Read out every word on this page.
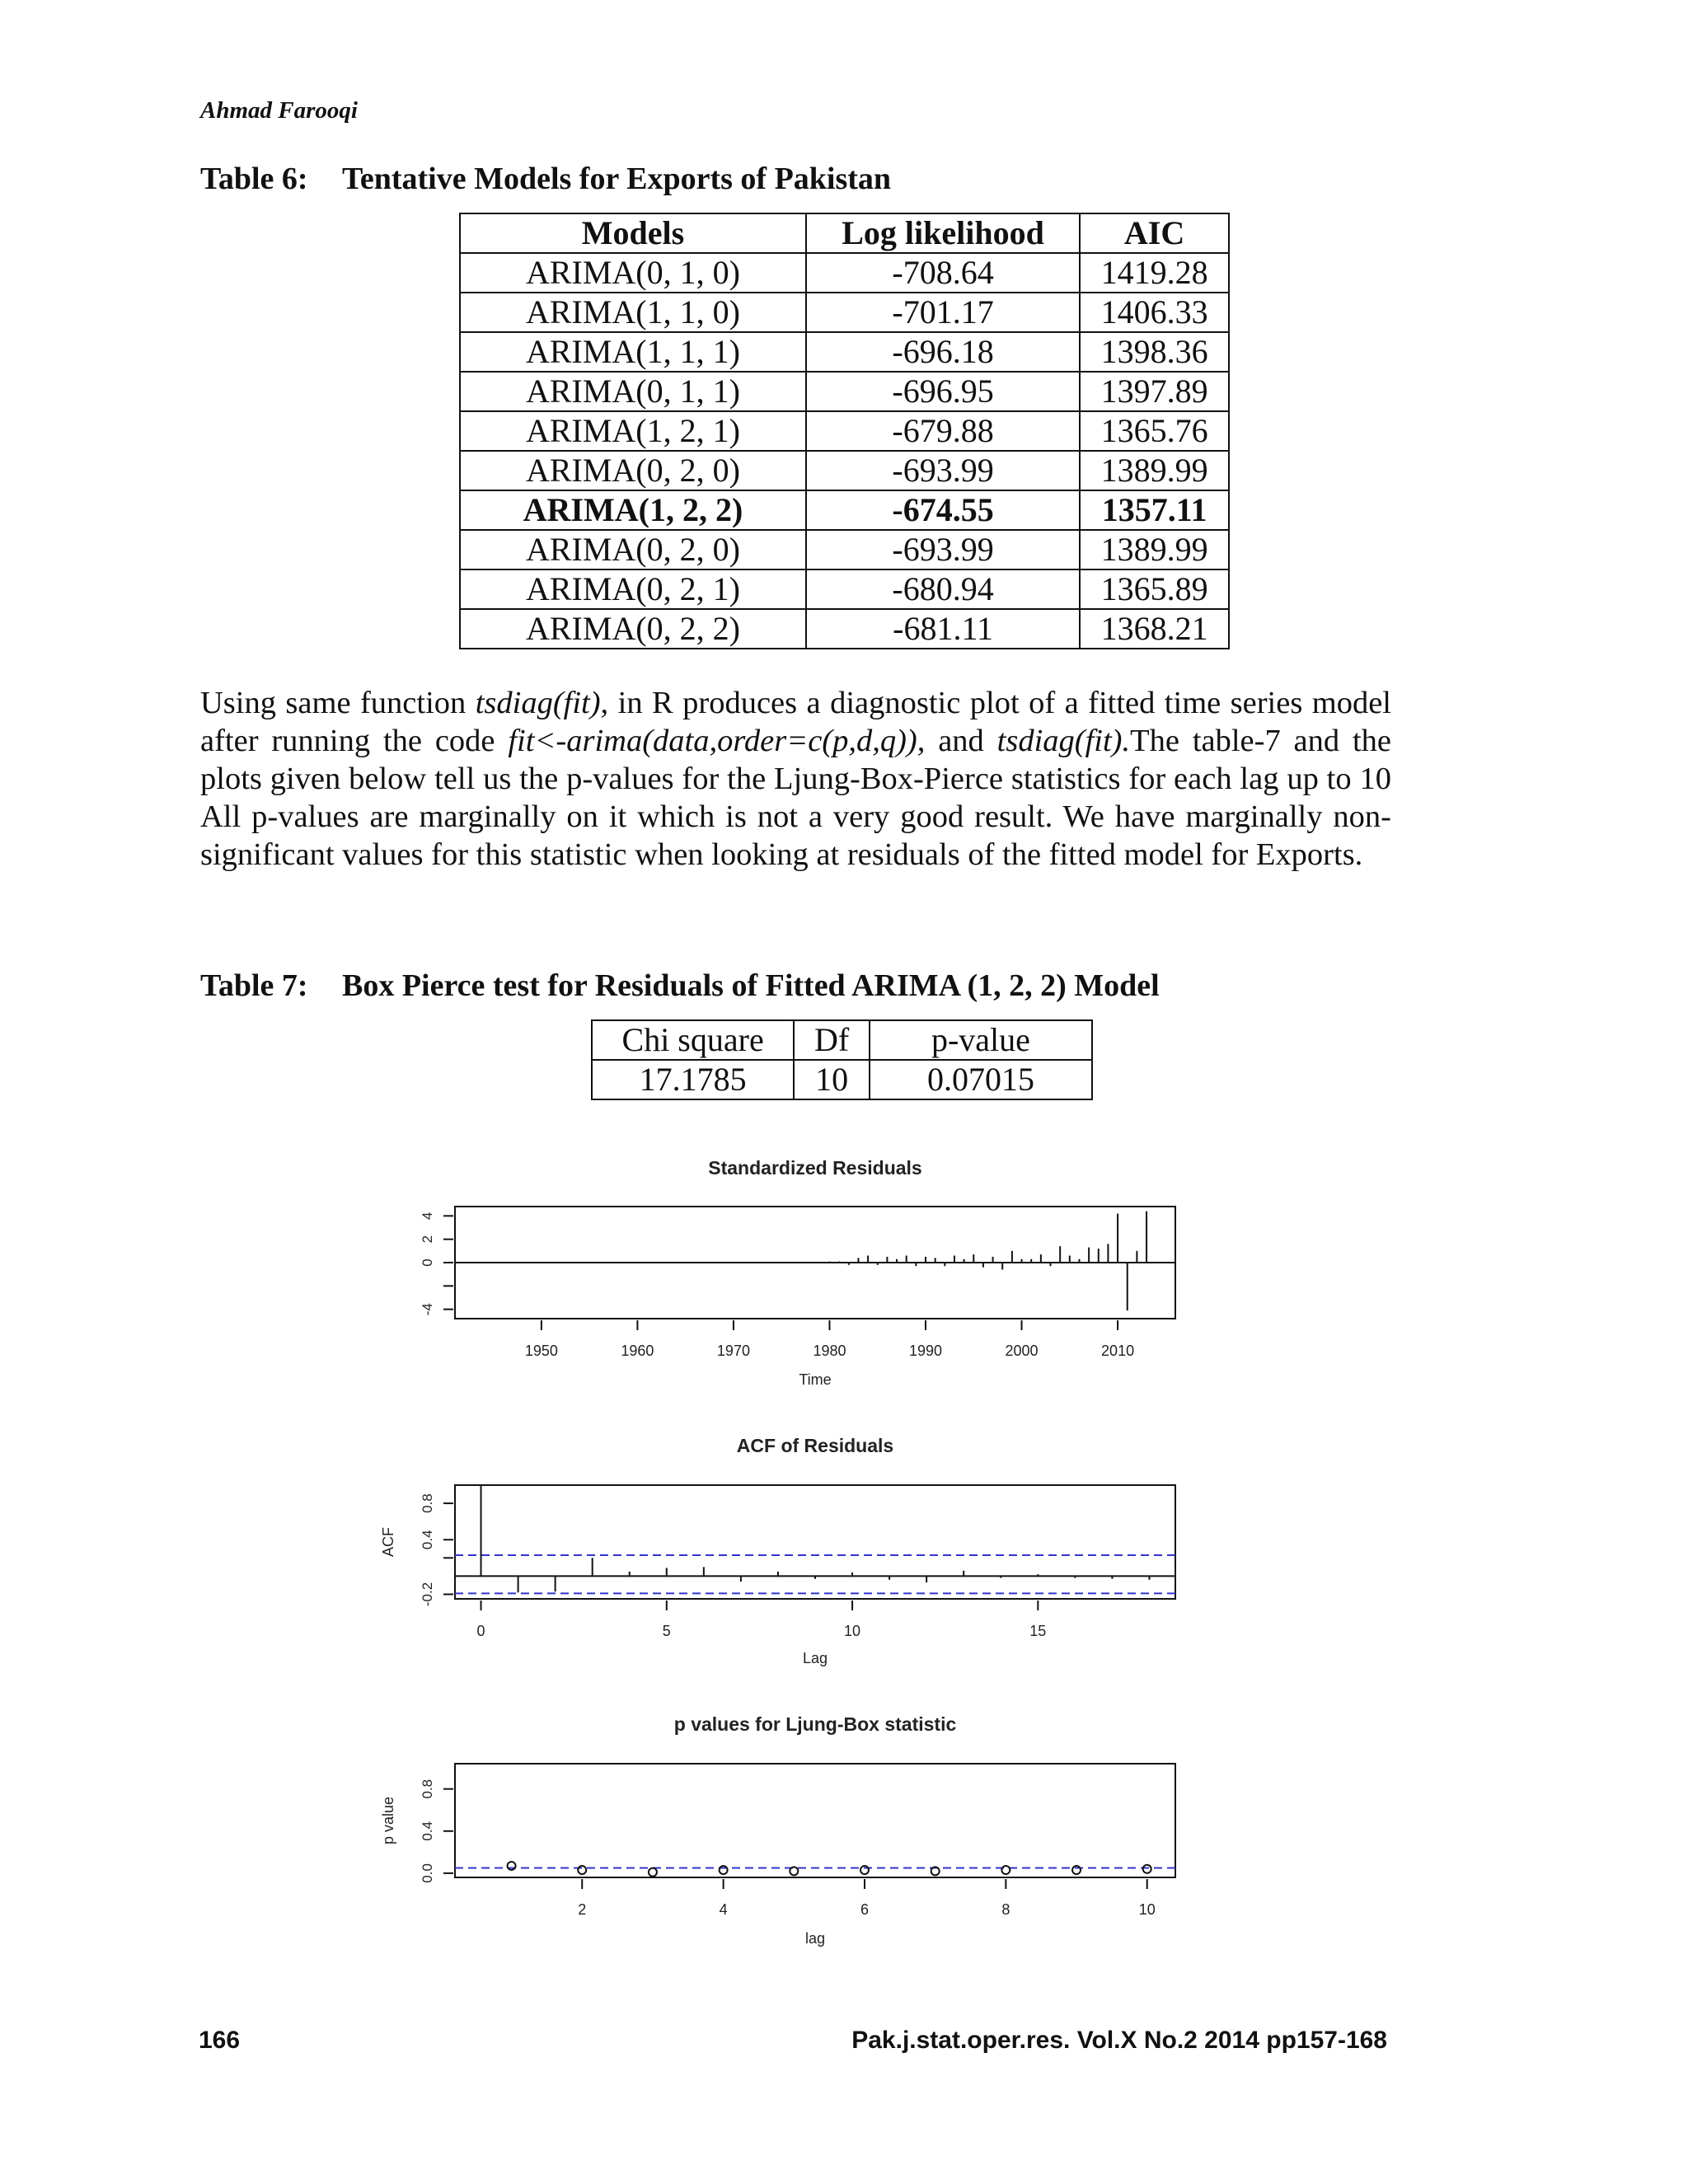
Ahmad Farooqi
Table 6: Tentative Models for Exports of Pakistan
Models	Log likelihood	AIC
ARIMA(0, 1, 0)	-708.64	1419.28
ARIMA(1, 1, 0)	-701.17	1406.33
ARIMA(1, 1, 1)	-696.18	1398.36
ARIMA(0, 1, 1)	-696.95	1397.89
ARIMA(1, 2, 1)	-679.88	1365.76
ARIMA(0, 2, 0)	-693.99	1389.99
ARIMA(1, 2, 2)	-674.55	1357.11
ARIMA(0, 2, 0)	-693.99	1389.99
ARIMA(0, 2, 1)	-680.94	1365.89
ARIMA(0, 2, 2)	-681.11	1368.21
Using same function tsdiag(fit), in R produces a diagnostic plot of a fitted time series model after running the code fit<-arima(data,order=c(p,d,q)), and tsdiag(fit).The table-7 and the plots given below tell us the p-values for the Ljung-Box-Pierce statistics for each lag up to 10 All p-values are marginally on it which is not a very good result. We have marginally non-significant values for this statistic when looking at residuals of the fitted model for Exports.
Table 7: Box Pierce test for Residuals of Fitted ARIMA (1, 2, 2) Model
Chi square	Df	p-value
17.1785	10	0.07015
Standardized Residuals
1950	1960	1970	1980	1990	2000	2010
-4
0
2
4
Time
ACF of Residuals
0	5	10	15
-0.2
0.4
0.8
Lag
ACF
p values for Ljung-Box statistic
2	4	6	8	10
0.0
0.4
0.8
lag
p value
166	Pak.j.stat.oper.res. Vol.X No.2 2014 pp157-168
